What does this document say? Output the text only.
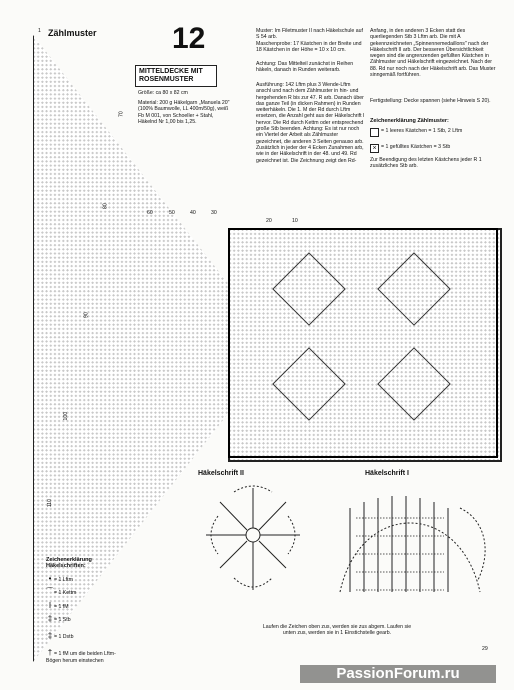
Zählmuster	12
MITTELDECKE MIT
ROSENMUSTER
Größe: ca 80 x 82 cm
Material: 200 g Häkelgarn „Manuela 20" (100% Baumwolle, LL 400m/50g), weiß Fb M 001, von Schoeller + Stahl, Häkelnd Nr 1,00 bis 1,25.
Muster: Im Filetmuster II nach Häkelschule auf S 54 arb.
Maschenprobe: 17 Kästchen in der Breite und 18 Kästchen in der Höhe = 10 x 10 cm.
Achtung: Das Mittelteil zunächst in Reihen häkeln, danach in Runden weiterarb.
Ausführung: 142 Lftm plus 3 Wende-Lftm anschl und nach dem Zählmuster in hin- und hergehenden R bis zur 47. R arb. Danach über das ganze Teil (in dicken Rahmen) in Runden weiterhäkeln. Die 1. M der Rd durch Lftm ersetzen, die Anzahl geht aus der Häkelschrift I hervor. Die Rd durch Kettm oder entsprechend große Stb beenden. Achtung: Es ist nur noch ein Viertel der Arbeit als Zählmuster gezeichnet, die anderen 3 Seiten genauso arb. Zusätzlich in jeder der 4 Ecken Zunahmen arb, wie in der Häkelschrift in der 48. und 49. Rd gezeichnet ist. Die Zeichnung zeigt den Rd-
Anfang, in den anderen 3 Ecken statt des querliegenden Stb 3 Lftm arb. Die mit A gekennzeichneten „Spinnennemedaillons" nach der Häkelschrift II arb. Der besseren Übersichtlichkeit wegen sind die angrenzenden gefüllten Kästchen in Zählmuster und Häkelschrift eingezeichnet. Nach der 88. Rd nur noch nach der Häkelschrift arb. Das Muster sinngemäß fortführen.
Fertigstellung: Decke spannen (siehe Hinweis S 20).
Zeichenerklärung Zählmuster:
= 1 leeres Kästchen = 1 Stb, 2 Lftm
× = 1 gefülltes Kästchen = 3 Stb
Zur Beendigung des letzten Kästchens jeder R 1 zusätzliches Stb arb.
1
60	50	40	30
20	10
70
80
90
100
110
Zeichenerklärung Häkelschriften:
• = 1 Lftm
⌒= 1 Kettm
I = 1 fM
‡ = 1 Stb
‡ = 1 Dstb
† = 1 fM um die beiden Lftm-Bögen herum einstechen
Häkelschrift II	Häkelschrift I
Laufen die Zeichen oben zus, werden sie zus abgem. Laufen sie unten zus, werden sie in 1 Einstichstelle gearb.
29
PassionForum.ru
